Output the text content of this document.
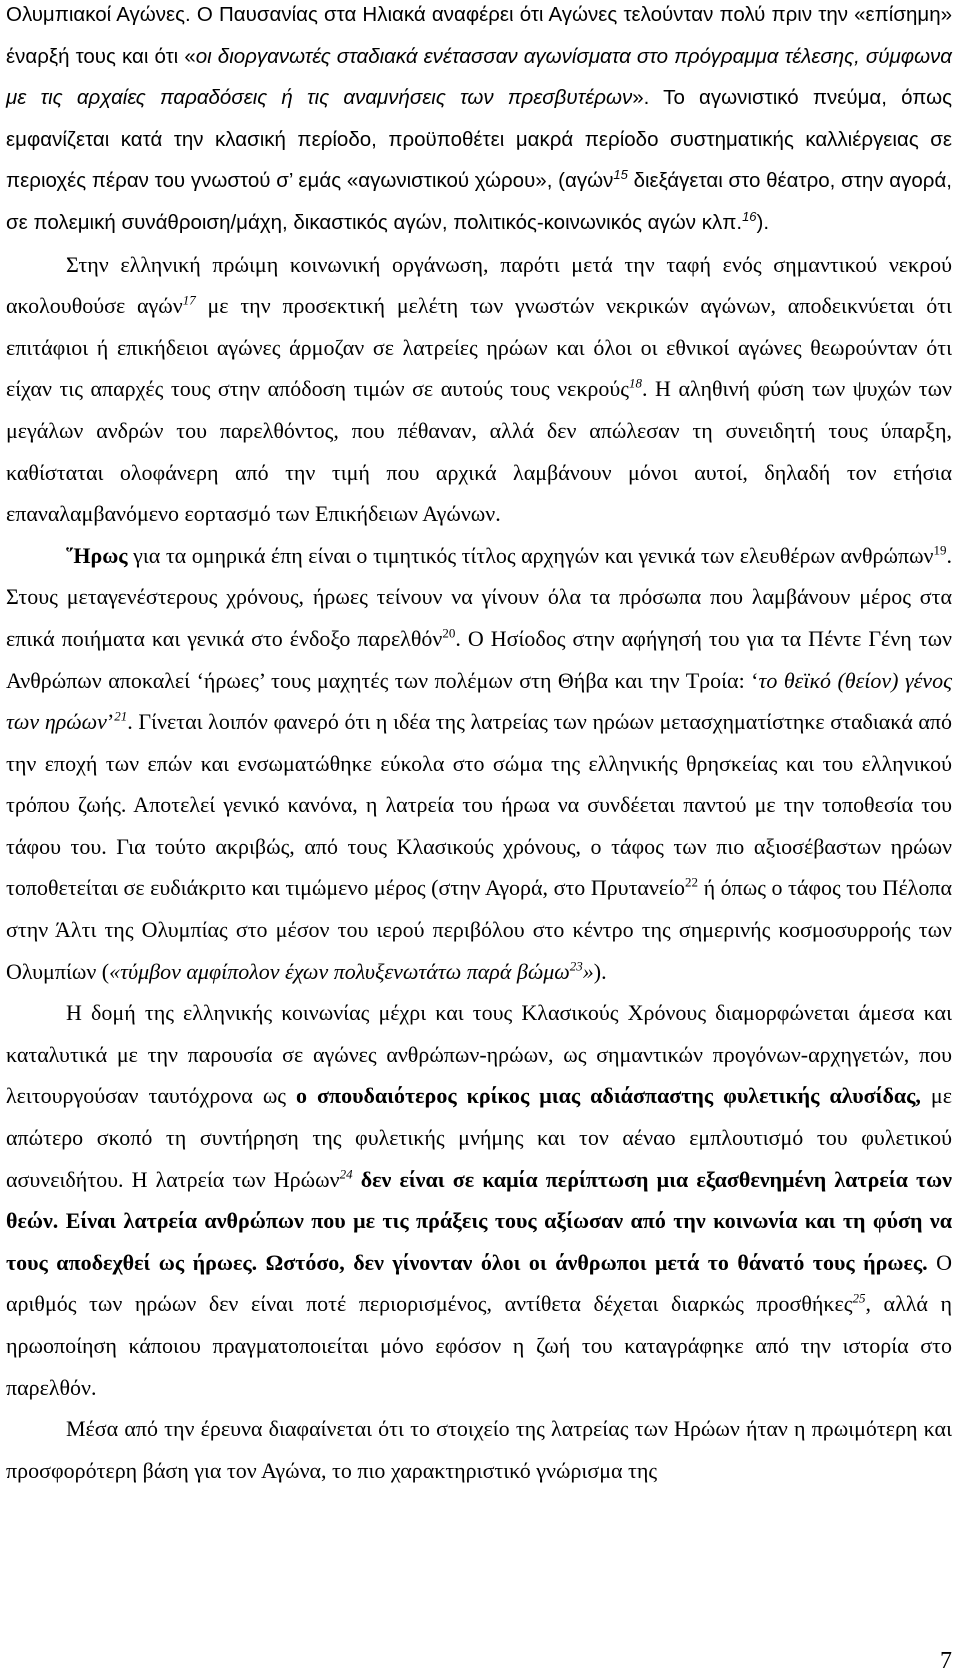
Ολυμπιακοί Αγώνες. Ο Παυσανίας στα Ηλιακά αναφέρει ότι Αγώνες τελούνταν πολύ πριν την «επίσημη» έναρξή τους και ότι «οι διοργανωτές σταδιακά ενέτασσαν αγωνίσματα στο πρόγραμμα τέλεσης, σύμφωνα με τις αρχαίες παραδόσεις ή τις αναμνήσεις των πρεσβυτέρων». Το αγωνιστικό πνεύμα, όπως εμφανίζεται κατά την κλασική περίοδο, προϋποθέτει μακρά περίοδο συστηματικής καλλιέργειας σε περιοχές πέραν του γνωστού σ’ εμάς «αγωνιστικού χώρου», (αγών$^{15}$ διεξάγεται στο θέατρο, στην αγορά, σε πολεμική συνάθροιση/μάχη, δικαστικός αγών, πολιτικός-κοινωνικός αγών κλπ.$^{16}$).

Στην ελληνική πρώιμη κοινωνική οργάνωση, παρότι μετά την ταφή ενός σημαντικού νεκρού ακολουθούσε αγών$^{17}$ με την προσεκτική μελέτη των γνωστών νεκρικών αγώνων, αποδεικνύεται ότι επιτάφιοι ή επικήδειοι αγώνες άρμοζαν σε λατρείες ηρώων και όλοι οι εθνικοί αγώνες θεωρούνταν ότι είχαν τις απαρχές τους στην απόδοση τιμών σε αυτούς τους νεκρούς$^{18}$. Η αληθινή φύση των ψυχών των μεγάλων ανδρών του παρελθόντος, που πέθαναν, αλλά δεν απώλεσαν τη συνειδητή τους ύπαρξη, καθίσταται ολοφάνερη από την τιμή που αρχικά λαμβάνουν μόνοι αυτοί, δηλαδή τον ετήσια επαναλαμβανόμενο εορτασμό των Επικήδειων Αγώνων.

῞Ηρως για τα ομηρικά έπη είναι ο τιμητικός τίτλος αρχηγών και γενικά των ελευθέρων ανθρώπων$^{19}$. Στους μεταγενέστερους χρόνους, ήρωες τείνουν να γίνουν όλα τα πρόσωπα που λαμβάνουν μέρος στα επικά ποιήματα και γενικά στο ένδοξο παρελθόν$^{20}$. Ο Ησίοδος στην αφήγησή του για τα Πέντε Γένη των Ανθρώπων αποκαλεί ‘ήρωες’ τους μαχητές των πολέμων στη Θήβα και την Τροία: ‘το θεϊκό (θείον) γένος των ηρώων’$^{21}$. Γίνεται λοιπόν φανερό ότι η ιδέα της λατρείας των ηρώων μετασχηματίστηκε σταδιακά από την εποχή των επών και ενσωματώθηκε εύκολα στο σώμα της ελληνικής θρησκείας και του ελληνικού τρόπου ζωής. Αποτελεί γενικό κανόνα, η λατρεία του ήρωα να συνδέεται παντού με την τοποθεσία του τάφου του. Για τούτο ακριβώς, από τους Κλασικούς χρόνους, ο τάφος των πιο αξιοσέβαστων ηρώων τοποθετείται σε ευδιάκριτο και τιμώμενο μέρος (στην Αγορά, στο Πρυτανείο$^{22}$ ή όπως ο τάφος του Πέλοπα στην Άλτι της Ολυμπίας στο μέσον του ιερού περιβόλου στο κέντρο της σημερινής κοσμοσυρροής των Ολυμπίων («τύμβον αμφίπολον έχων πολυξενωτάτω παρά βώμω$^{23}$»).

Η δομή της ελληνικής κοινωνίας μέχρι και τους Κλασικούς Χρόνους διαμορφώνεται άμεσα και καταλυτικά με την παρουσία σε αγώνες ανθρώπων-ηρώων, ως σημαντικών προγόνων-αρχηγετών, που λειτουργούσαν ταυτόχρονα ως ο σπουδαιότερος κρίκος μιας αδιάσπαστης φυλετικής αλυσίδας, με απώτερο σκοπό τη συντήρηση της φυλετικής μνήμης και τον αέναο εμπλουτισμό του φυλετικού ασυνειδήτου. Η λατρεία των Ηρώων$^{24}$ δεν είναι σε καμία περίπτωση μια εξασθενημένη λατρεία των θεών. Είναι λατρεία ανθρώπων που με τις πράξεις τους αξίωσαν από την κοινωνία και τη φύση να τους αποδεχθεί ως ήρωες. Ωστόσο, δεν γίνονταν όλοι οι άνθρωποι μετά το θάνατό τους ήρωες. Ο αριθμός των ηρώων δεν είναι ποτέ περιορισμένος, αντίθετα δέχεται διαρκώς προσθήκες$^{25}$, αλλά η ηρωοποίηση κάποιου πραγματοποιείται μόνο εφόσον η ζωή του καταγράφηκε από την ιστορία στο παρελθόν.

Μέσα από την έρευνα διαφαίνεται ότι το στοιχείο της λατρείας των Ηρώων ήταν η πρωιμότερη και προσφορότερη βάση για τον Αγώνα, το πιο χαρακτηριστικό γνώρισμα της

7
